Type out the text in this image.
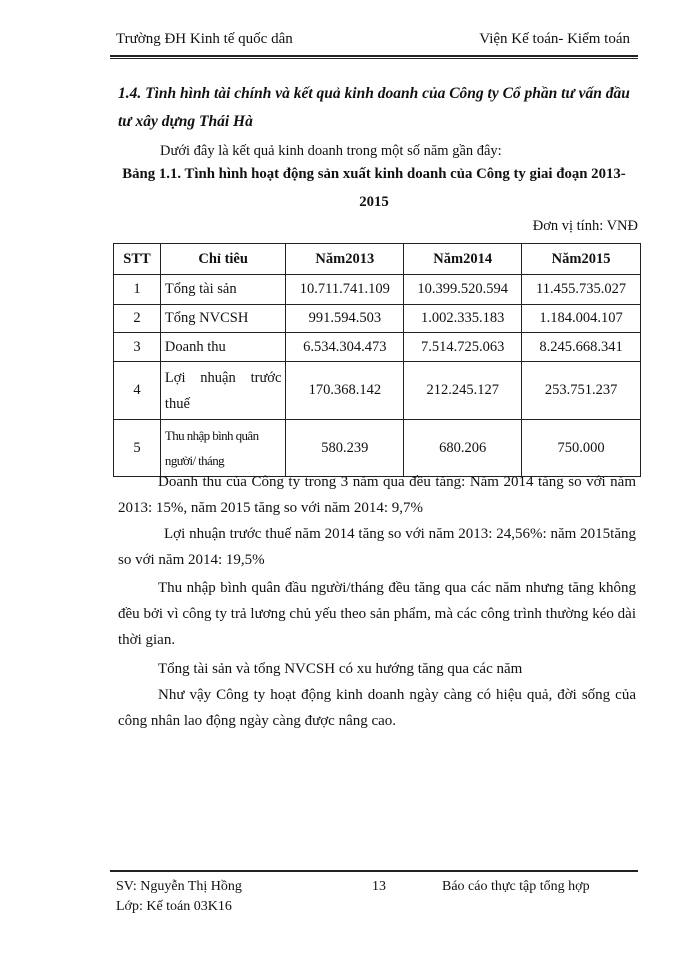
Trường ĐH Kinh tế quốc dân	Viện Kế toán- Kiểm toán
1.4. Tình hình tài chính và kết quả kinh doanh của Công ty Cổ phần tư vấn đầu tư xây dựng Thái Hà
Dưới đây là kết quả kinh doanh trong một số năm gần đây:
Bảng 1.1. Tình hình hoạt động sản xuất kinh doanh của Công ty giai đoạn 2013-2015
Đơn vị tính: VNĐ
STT	Chỉ tiêu	Năm2013	Năm2014	Năm2015
1	Tổng tài sản	10.711.741.109	10.399.520.594	11.455.735.027
2	Tổng NVCSH	991.594.503	1.002.335.183	1.184.004.107
3	Doanh thu	6.534.304.473	7.514.725.063	8.245.668.341
4	Lợi nhuận trước thuế	170.368.142	212.245.127	253.751.237
5	Thu nhập bình quân người/ tháng	580.239	680.206	750.000
Doanh thu của Công ty trong 3 năm qua đều tăng: Năm 2014 tăng so với năm 2013: 15%, năm 2015 tăng so với năm 2014: 9,7%
Lợi nhuận trước thuế năm 2014 tăng so với năm 2013: 24,56%: năm 2015tăng so với năm 2014: 19,5%
Thu nhập bình quân đầu người/tháng đều tăng qua các năm nhưng tăng không đều bởi vì công ty trả lương chủ yếu theo sản phẩm, mà các công trình thường kéo dài thời gian.
Tổng tài sản và tổng NVCSH có xu hướng tăng qua các năm
Như vậy Công ty hoạt động kinh doanh ngày càng có hiệu quả, đời sống của công nhân lao động ngày càng được nâng cao.
SV: Nguyễn Thị Hồng
Lớp: Kế toán 03K16
13	Báo cáo thực tập tổng hợp
